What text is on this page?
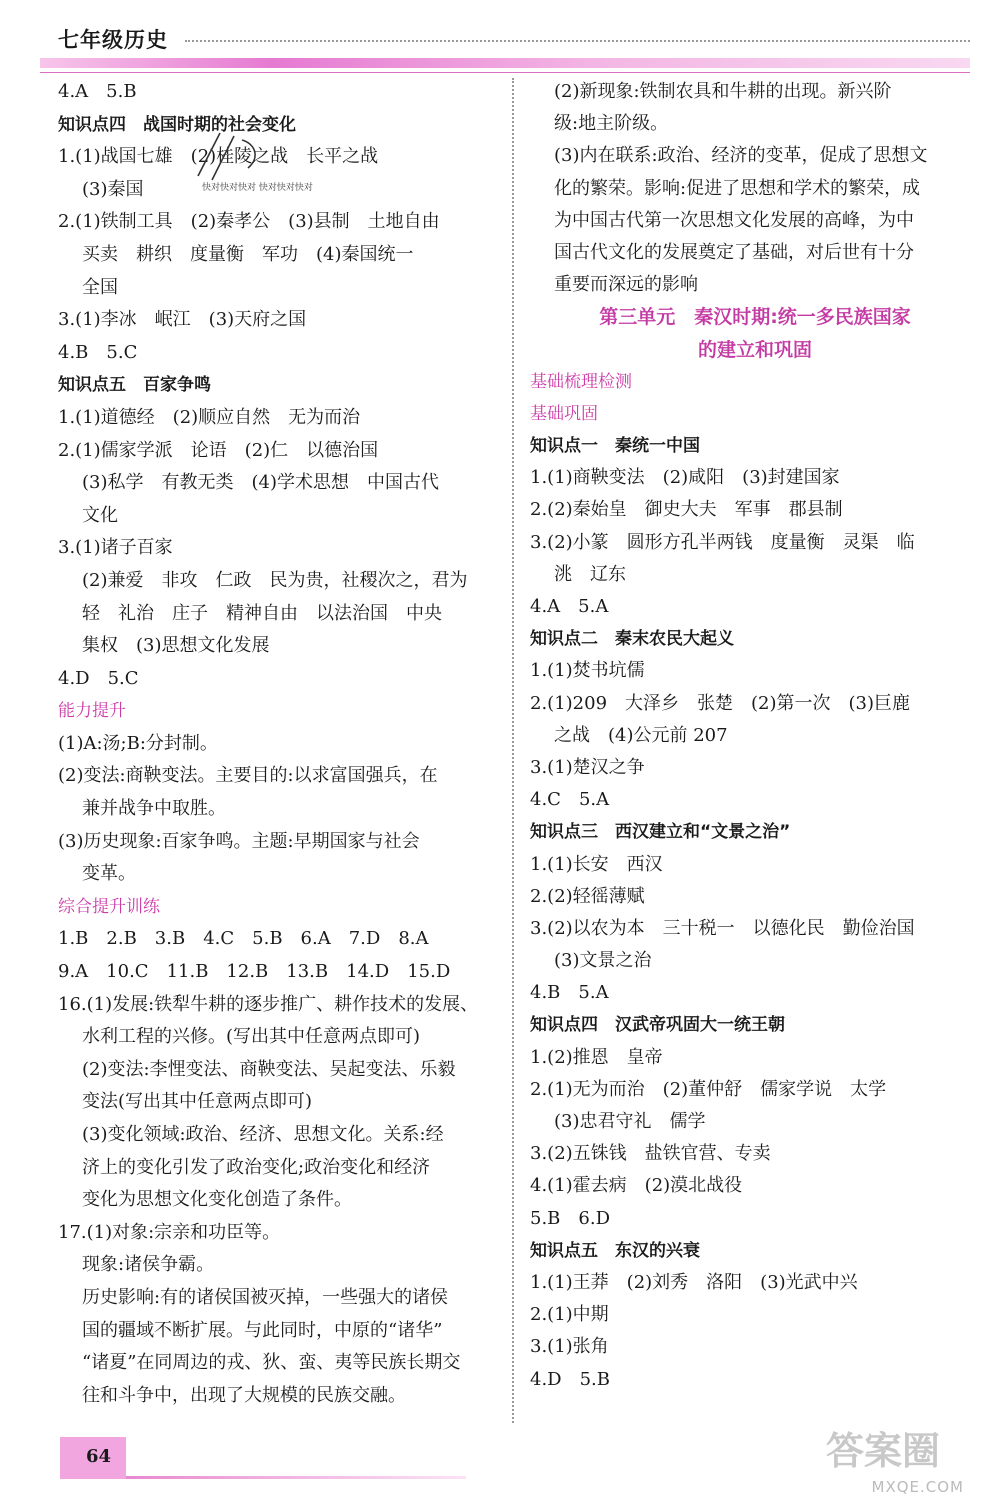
七年级历史
4.A　5.B
知识点四　战国时期的社会变化
1.(1)战国七雄　(2)桂陵之战　长平之战
(3)秦国
2.(1)铁制工具　(2)秦孝公　(3)县制　土地自由
买卖　耕织　度量衡　军功　(4)秦国统一
全国
3.(1)李冰　岷江　(3)天府之国
4.B　5.C
知识点五　百家争鸣
1.(1)道德经　(2)顺应自然　无为而治
2.(1)儒家学派　论语　(2)仁　以德治国
(3)私学　有教无类　(4)学术思想　中国古代
文化
3.(1)诸子百家
(2)兼爱　非攻　仁政　民为贵，社稷次之，君为
轻　礼治　庄子　精神自由　以法治国　中央
集权　(3)思想文化发展
4.D　5.C
能力提升
(1)A:汤;B:分封制。
(2)变法:商鞅变法。主要目的:以求富国强兵，在
兼并战争中取胜。
(3)历史现象:百家争鸣。主题:早期国家与社会
变革。
综合提升训练
1.B　2.B　3.B　4.C　5.B　6.A　7.D　8.A
9.A　10.C　11.B　12.B　13.B　14.D　15.D
16.(1)发展:铁犁牛耕的逐步推广、耕作技术的发展、
水利工程的兴修。(写出其中任意两点即可)
(2)变法:李悝变法、商鞅变法、吴起变法、乐毅
变法(写出其中任意两点即可)
(3)变化领域:政治、经济、思想文化。关系:经
济上的变化引发了政治变化;政治变化和经济
变化为思想文化变化创造了条件。
17.(1)对象:宗亲和功臣等。
现象:诸侯争霸。
历史影响:有的诸侯国被灭掉，一些强大的诸侯
国的疆域不断扩展。与此同时，中原的“诸华”
“诸夏”在同周边的戎、狄、蛮、夷等民族长期交
往和斗争中，出现了大规模的民族交融。
(2)新现象:铁制农具和牛耕的出现。新兴阶
级:地主阶级。
(3)内在联系:政治、经济的变革，促成了思想文
化的繁荣。影响:促进了思想和学术的繁荣，成
为中国古代第一次思想文化发展的高峰，为中
国古代文化的发展奠定了基础，对后世有十分
重要而深远的影响
第三单元　秦汉时期:统一多民族国家
的建立和巩固
基础梳理检测
基础巩固
知识点一　秦统一中国
1.(1)商鞅变法　(2)咸阳　(3)封建国家
2.(2)秦始皇　御史大夫　军事　郡县制
3.(2)小篆　圆形方孔半两钱　度量衡　灵渠　临
洮　辽东
4.A　5.A
知识点二　秦末农民大起义
1.(1)焚书坑儒
2.(1)209　大泽乡　张楚　(2)第一次　(3)巨鹿
之战　(4)公元前 207
3.(1)楚汉之争
4.C　5.A
知识点三　西汉建立和“文景之治”
1.(1)长安　西汉
2.(2)轻徭薄赋
3.(2)以农为本　三十税一　以德化民　勤俭治国
(3)文景之治
4.B　5.A
知识点四　汉武帝巩固大一统王朝
1.(2)推恩　皇帝
2.(1)无为而治　(2)董仲舒　儒家学说　太学
(3)忠君守礼　儒学
3.(2)五铢钱　盐铁官营、专卖
4.(1)霍去病　(2)漠北战役
5.B　6.D
知识点五　东汉的兴衰
1.(1)王莽　(2)刘秀　洛阳　(3)光武中兴
2.(1)中期
3.(1)张角
4.D　5.B
快对快对快对 快对快对快对
64	答案圈
MXQE.COM
